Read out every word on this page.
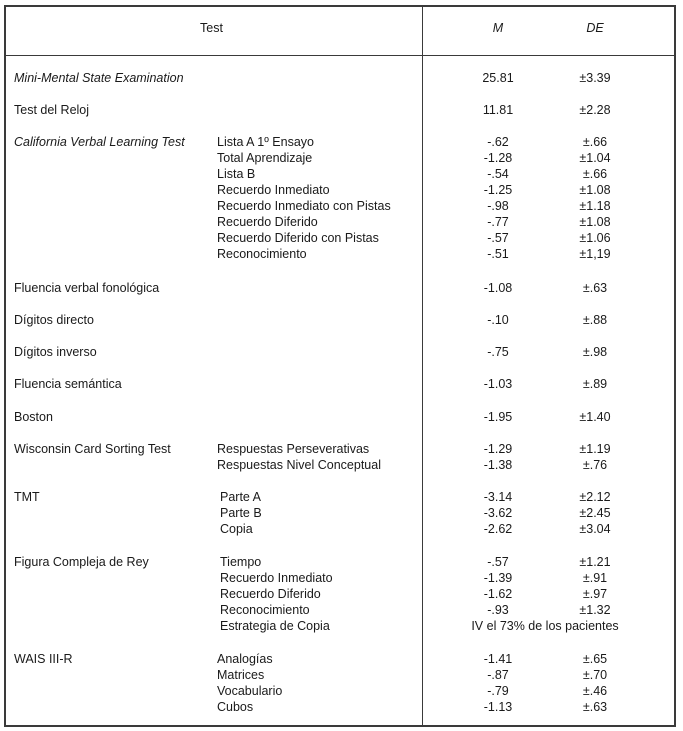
Test	M	DE
Mini-Mental State Examination	25.81	±3.39
Test del Reloj	11.81	±2.28
California Verbal Learning Test	Lista A 1º Ensayo	-.62	±.66
Total Aprendizaje	-1.28	±1.04
Lista B	-.54	±.66
Recuerdo Inmediato	-1.25	±1.08
Recuerdo Inmediato con Pistas	-.98	±1.18
Recuerdo Diferido	-.77	±1.08
Recuerdo Diferido con Pistas	-.57	±1.06
Reconocimiento	-.51	±1,19
Fluencia verbal fonológica	-1.08	±.63
Dígitos directo	-.10	±.88
Dígitos inverso	-.75	±.98
Fluencia semántica	-1.03	±.89
Boston	-1.95	±1.40
Wisconsin Card Sorting Test	Respuestas Perseverativas	-1.29	±1.19
Respuestas Nivel Conceptual	-1.38	±.76
TMT	Parte A	-3.14	±2.12
Parte B	-3.62	±2.45
Copia	-2.62	±3.04
Figura Compleja de Rey	Tiempo	-.57	±1.21
Recuerdo Inmediato	-1.39	±.91
Recuerdo Diferido	-1.62	±.97
Reconocimiento	-.93	±1.32
Estrategia de Copia	IV el 73% de los pacientes
WAIS III-R	Analogías	-1.41	±.65
Matrices	-.87	±.70
Vocabulario	-.79	±.46
Cubos	-1.13	±.63
